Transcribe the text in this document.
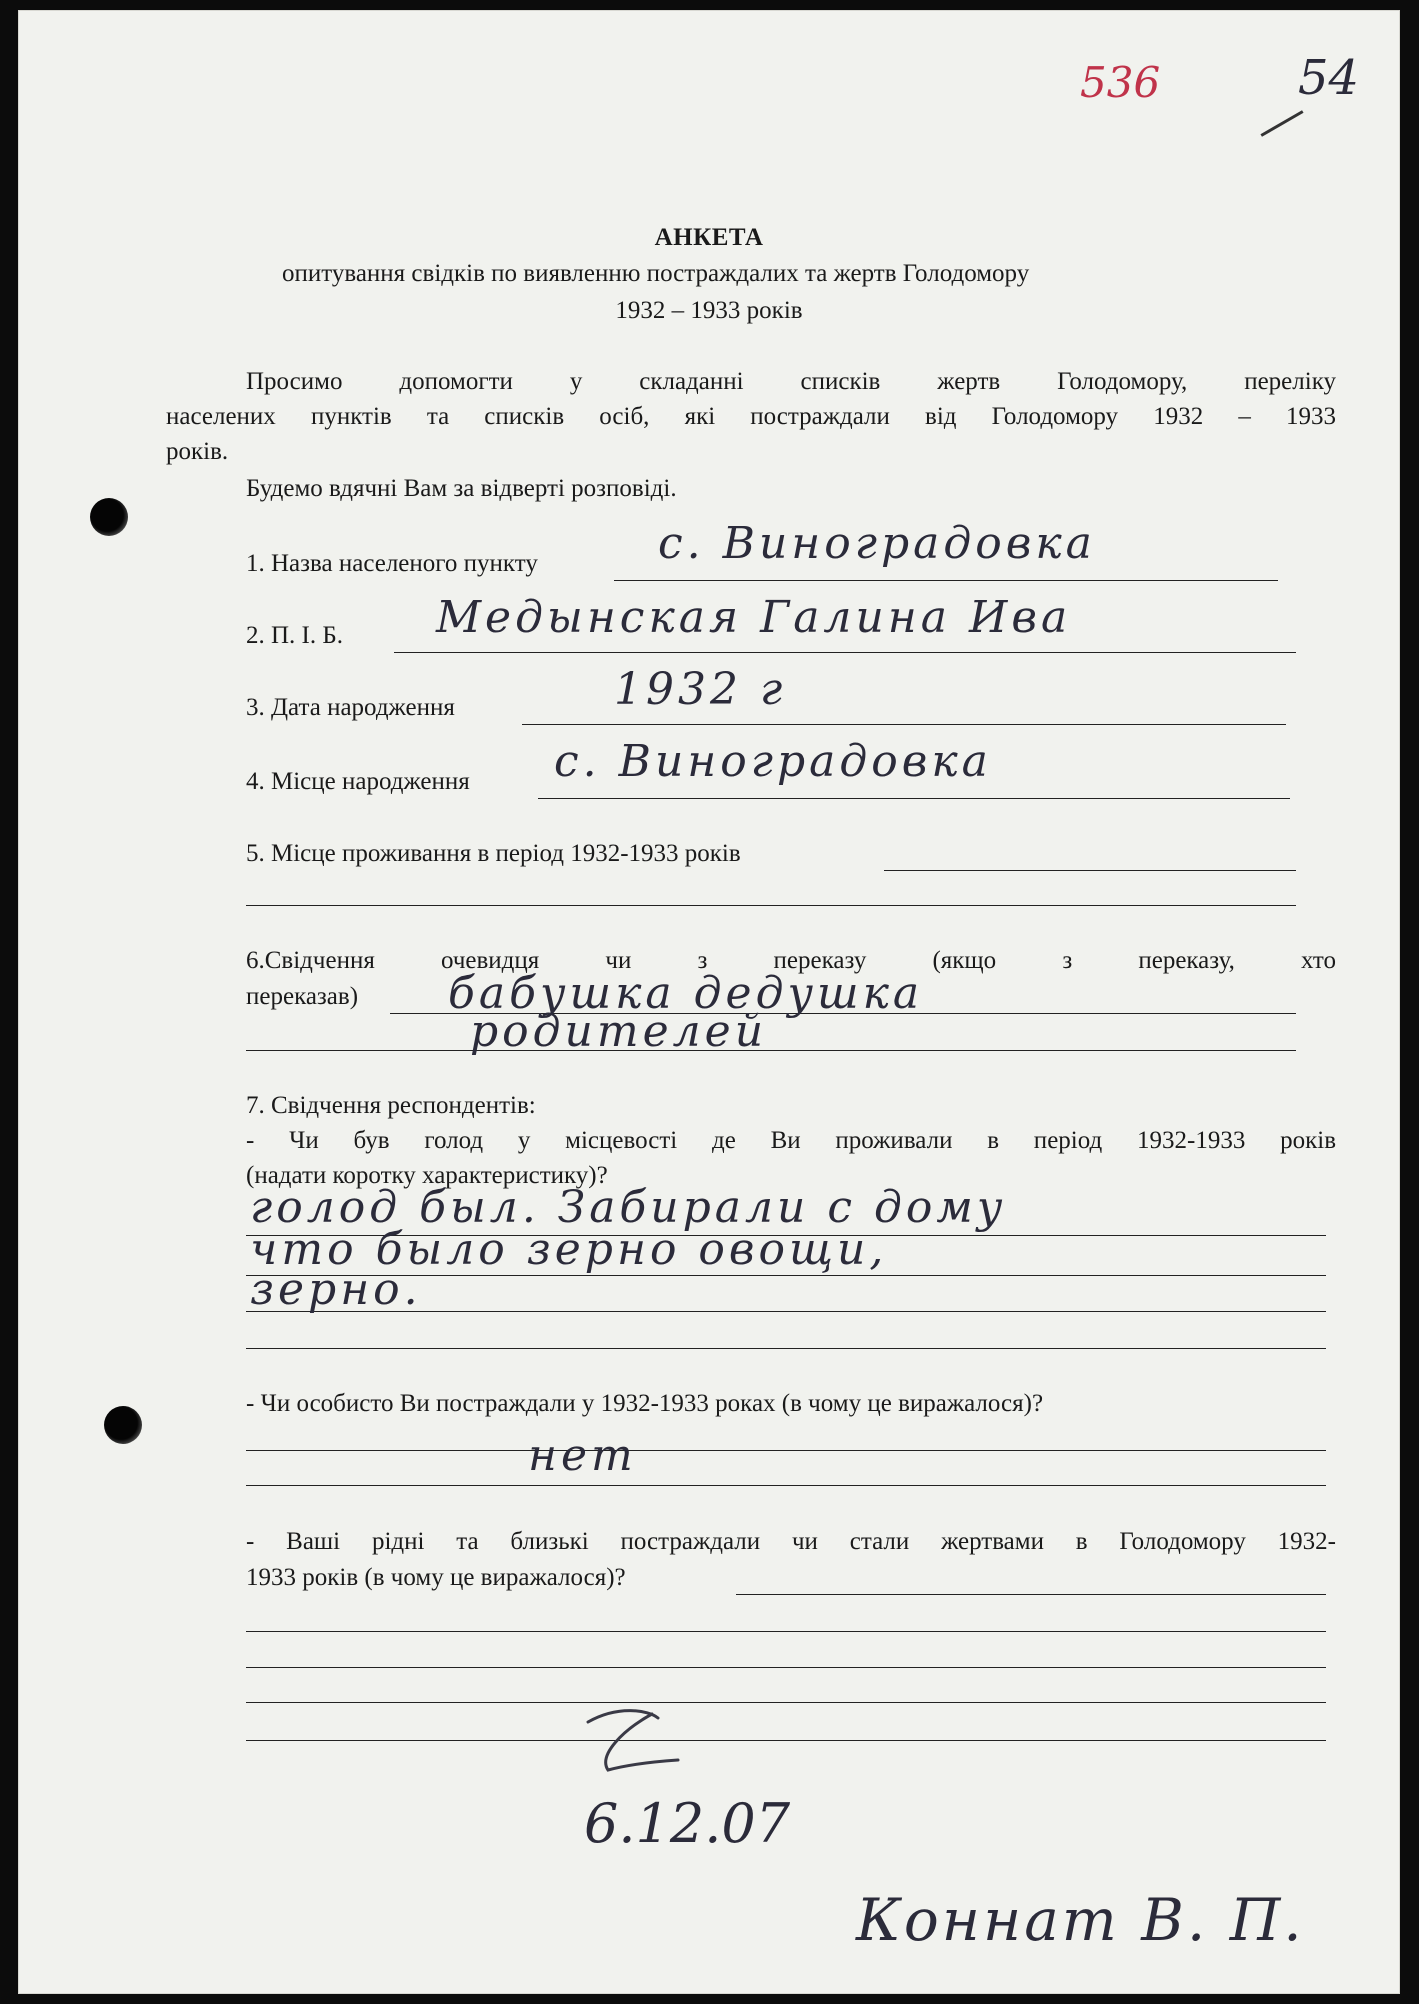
536	54
АНКЕТА
опитування свідків по виявленню постраждалих та жертв Голодомору
1932 – 1933 років
Просимо допомогти у складанні списків жертв Голодомору, переліку
населених пунктів та списків осіб, які постраждали від Голодомору 1932 – 1933
років.
Будемо вдячні Вам за відверті розповіді.
1. Назва населеного пункту	с. Виноградовка
2. П. І. Б. Медынская Галина Ива
3. Дата народження	1932 г
4. Місце народження с. Виноградовка
5. Місце проживання в період 1932-1933 років
6.Свідчення очевидця чи з переказу (якщо з переказу, хто
переказав) бабушка дедушка
родителей
7. Свідчення респондентів:
- Чи був голод у місцевості де Ви проживали в період 1932-1933 років
(надати коротку характеристику)?
голод был. Забирали с дому
что было зерно овощи,
зерно.
- Чи особисто Ви постраждали у 1932-1933 роках (в чому це виражалося)?
нет
- Ваші рідні та близькі постраждали чи стали жертвами в Голодомору 1932-
1933 років (в чому це виражалося)?
6.12.07
Коннат В. П.
